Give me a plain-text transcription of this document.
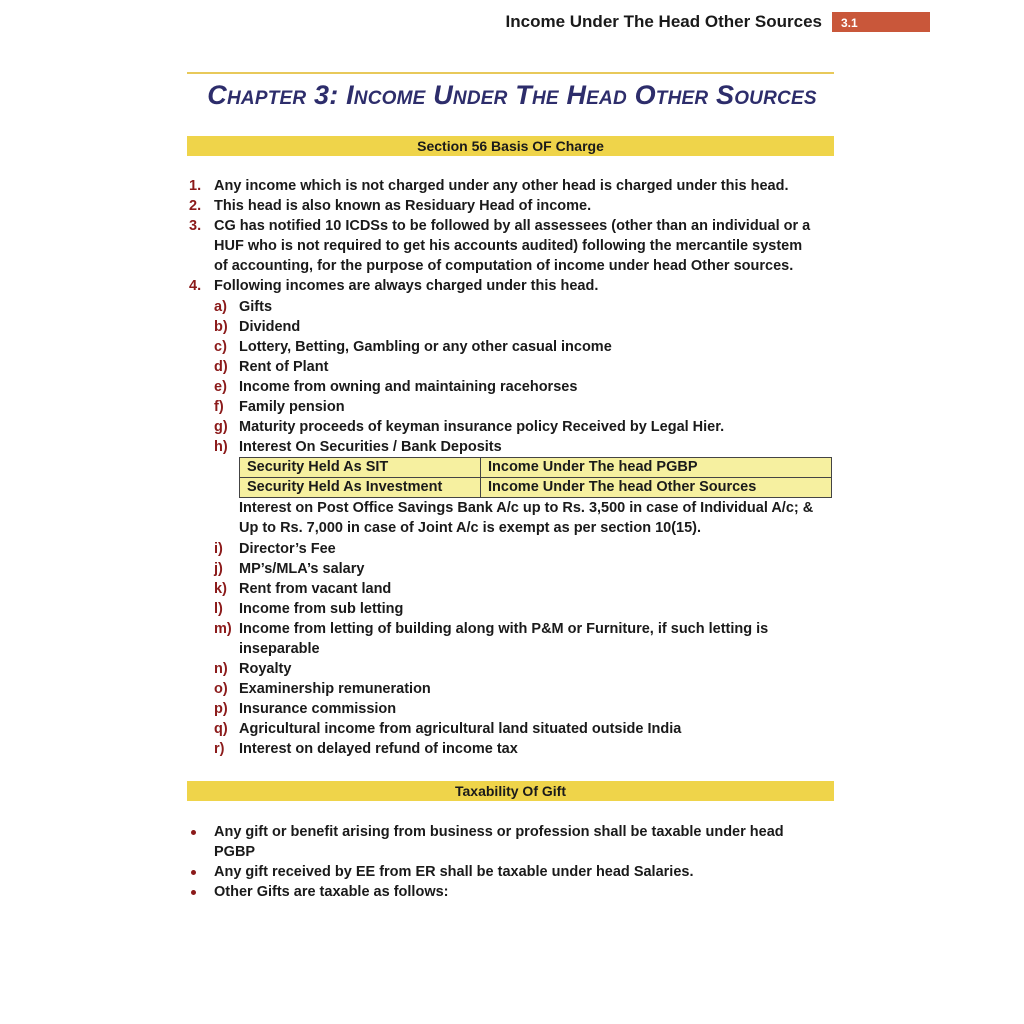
Income Under The Head Other Sources	3.1
Chapter 3: Income Under The Head Other Sources
Section 56 Basis OF Charge
1. Any income which is not charged under any other head is charged under this head.
2. This head is also known as Residuary Head of income.
3. CG has notified 10 ICDSs to be followed by all assessees (other than an individual or a
HUF who is not required to get his accounts audited) following the mercantile system
of accounting, for the purpose of computation of income under head Other sources.
4. Following incomes are always charged under this head.
a) Gifts
b) Dividend
c) Lottery, Betting, Gambling or any other casual income
d) Rent of Plant
e) Income from owning and maintaining racehorses
f) Family pension
g) Maturity proceeds of keyman insurance policy Received by Legal Hier.
h) Interest On Securities / Bank Deposits
Security Held As SIT	Income Under The head PGBP
Security Held As Investment	Income Under The head Other Sources
Interest on Post Office Savings Bank A/c up to Rs. 3,500 in case of Individual A/c; &
Up to Rs. 7,000 in case of Joint A/c is exempt as per section 10(15).
i) Director’s Fee
j) MP’s/MLA’s salary
k) Rent from vacant land
l) Income from sub letting
m) Income from letting of building along with P&M or Furniture, if such letting is
inseparable
n) Royalty
o) Examinership remuneration
p) Insurance commission
q) Agricultural income from agricultural land situated outside India
r) Interest on delayed refund of income tax
Taxability Of Gift
Any gift or benefit arising from business or profession shall be taxable under head
PGBP
Any gift received by EE from ER shall be taxable under head Salaries.
Other Gifts are taxable as follows:
